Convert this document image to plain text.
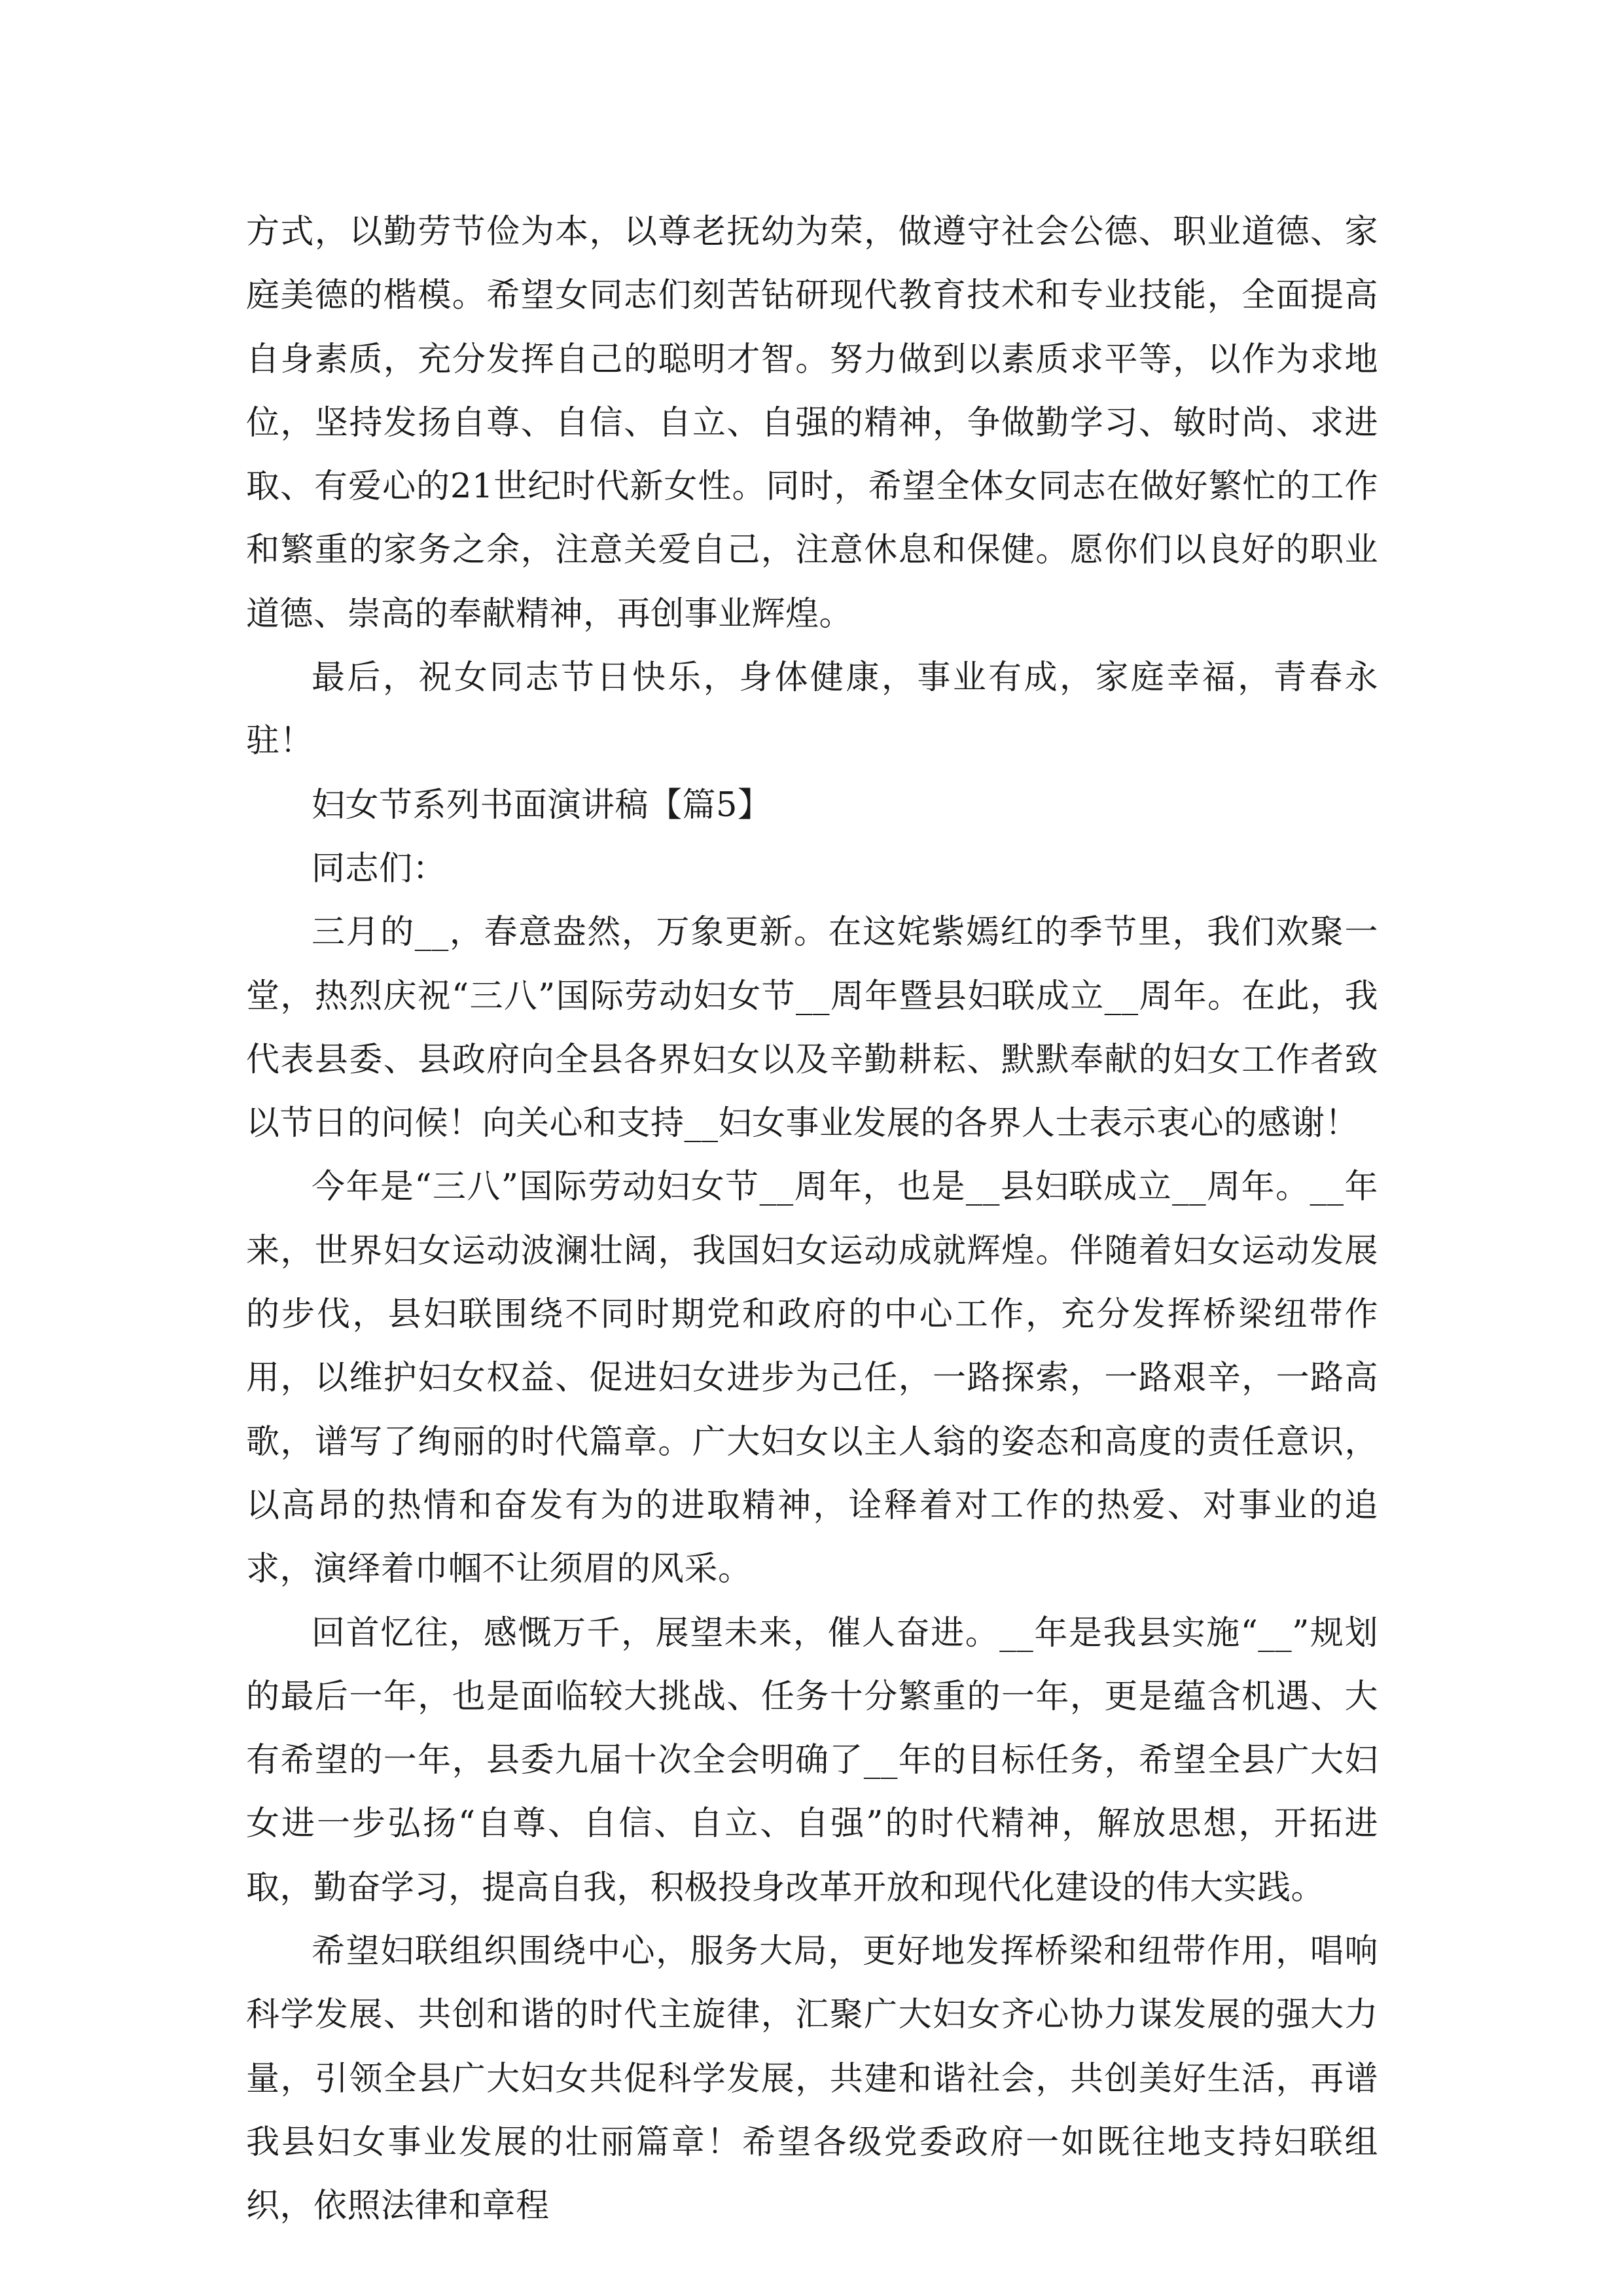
方式，以勤劳节俭为本，以尊老抚幼为荣，做遵守社会公德、职业道德、家庭美德的楷模。希望女同志们刻苦钻研现代教育技术和专业技能，全面提高自身素质，充分发挥自己的聪明才智。努力做到以素质求平等，以作为求地位，坚持发扬自尊、自信、自立、自强的精神，争做勤学习、敏时尚、求进取、有爱心的21世纪时代新女性。同时，希望全体女同志在做好繁忙的工作和繁重的家务之余，注意关爱自己，注意休息和保健。愿你们以良好的职业道德、崇高的奉献精神，再创事业辉煌。

最后，祝女同志节日快乐，身体健康，事业有成，家庭幸福，青春永驻！

妇女节系列书面演讲稿【篇5】

同志们：

三月的__，春意盎然，万象更新。在这姹紫嫣红的季节里，我们欢聚一堂，热烈庆祝“三八”国际劳动妇女节__周年暨县妇联成立__周年。在此，我代表县委、县政府向全县各界妇女以及辛勤耕耘、默默奉献的妇女工作者致以节日的问候！向关心和支持__妇女事业发展的各界人士表示衷心的感谢！

今年是“三八”国际劳动妇女节__周年，也是__县妇联成立__周年。__年来，世界妇女运动波澜壮阔，我国妇女运动成就辉煌。伴随着妇女运动发展的步伐，县妇联围绕不同时期党和政府的中心工作，充分发挥桥梁纽带作用，以维护妇女权益、促进妇女进步为己任，一路探索，一路艰辛，一路高歌，谱写了绚丽的时代篇章。广大妇女以主人翁的姿态和高度的责任意识，以高昂的热情和奋发有为的进取精神，诠释着对工作的热爱、对事业的追求，演绎着巾帼不让须眉的风采。

回首忆往，感慨万千，展望未来，催人奋进。__年是我县实施“__”规划的最后一年，也是面临较大挑战、任务十分繁重的一年，更是蕴含机遇、大有希望的一年，县委九届十次全会明确了__年的目标任务，希望全县广大妇女进一步弘扬“自尊、自信、自立、自强”的时代精神，解放思想，开拓进取，勤奋学习，提高自我，积极投身改革开放和现代化建设的伟大实践。

希望妇联组织围绕中心，服务大局，更好地发挥桥梁和纽带作用，唱响科学发展、共创和谐的时代主旋律，汇聚广大妇女齐心协力谋发展的强大力量，引领全县广大妇女共促科学发展，共建和谐社会，共创美好生活，再谱我县妇女事业发展的壮丽篇章！希望各级党委政府一如既往地支持妇联组织，依照法律和章程
